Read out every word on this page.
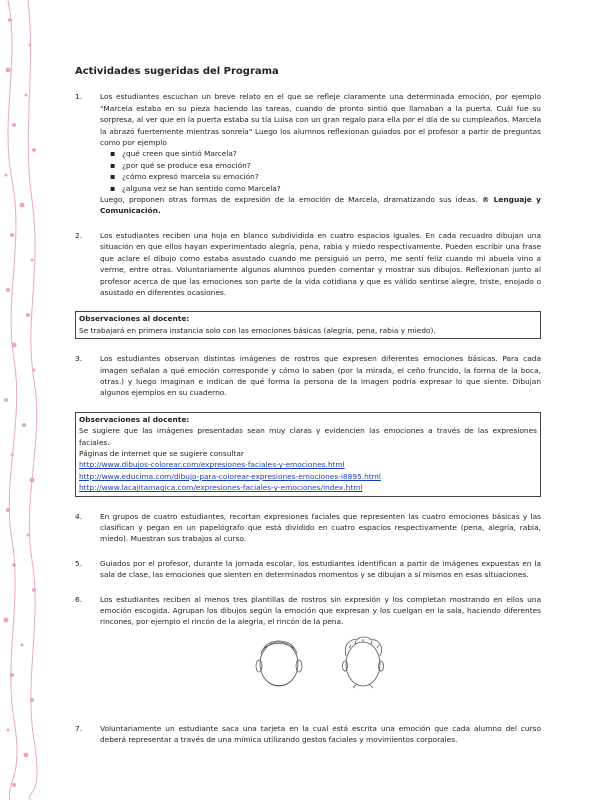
Actividades sugeridas del Programa
1.	Los estudiantes escuchan un breve relato en el que se refleje claramente una determinada emoción, por ejemplo "Marcela estaba en su pieza haciendo las tareas, cuando de pronto sintió que llamaban a la puerta. Cuál fue su sorpresa, al ver que en la puerta estaba su tía Luisa con un gran regalo para ella por el día de su cumpleaños. Marcela la abrazó fuertemente mientras sonreía" Luego los alumnos reflexionan guiados por el profesor a partir de preguntas como por ejemplo

▪ ¿qué creen que sintió Marcela?
▪ ¿por qué se produce esa emoción?
▪ ¿cómo expresó marcela su emoción?
▪ ¿alguna vez se han sentido como Marcela?

Luego, proponen otras formas de expresión de la emoción de Marcela, dramatizando sus ideas. ® Lenguaje y Comunicación.

2.	Los estudiantes reciben una hoja en blanco subdividida en cuatro espacios iguales. En cada recuadro dibujan una situación en que ellos hayan experimentado alegría, pena, rabia y miedo respectivamente. Pueden escribir una frase que aclare el dibujo como estaba asustado cuando me persiguió un perro, me sentí feliz cuando mi abuela vino a verme, entre otras. Voluntariamente algunos alumnos pueden comentar y mostrar sus dibujos. Reflexionan junto al profesor acerca de que las emociones son parte de la vida cotidiana y que es válido sentirse alegre, triste, enojado o asustado en diferentes ocasiones.

Observaciones al docente:
Se trabajará en primera instancia solo con las emociones básicas (alegría, pena, rabia y miedo).
3.	Los estudiantes observan distintas imágenes de rostros que expresen diferentes emociones básicas. Para cada imagen señalan a qué emoción corresponde y cómo lo saben (por la mirada, el ceño fruncido, la forma de la boca, otras.) y luego imaginan e indican de qué forma la persona de la imagen podría expresar lo que siente. Dibujan algunos ejemplos en su cuaderno.

Observaciones al docente:
Se sugiere que las imágenes presentadas sean muy claras y evidencien las emociones a través de las expresiones faciales.
Páginas de internet que se sugiere consultar
http://www.dibujos-colorear.com/expresiones-faciales-y-emociones.html
http://www.educima.com/dibujo-para-colorear-expresiones-emociones-i8895.html
http://www.lacajitamagica.com/expresiones-faciales-y-emociones/index.html
4.	En grupos de cuatro estudiantes, recortan expresiones faciales que representen las cuatro emociones básicas y las clasifican y pegan en un papelógrafo que está dividido en cuatro espacios respectivamente (pena, alegría, rabia, miedo). Muestran sus trabajos al curso.

5.	Guiados por el profesor, durante la jornada escolar, los estudiantes identifican a partir de imágenes expuestas en la sala de clase, las emociones que sienten en determinados momentos y se dibujan a sí mismos en esas situaciones.

6.	Los estudiantes reciben al menos tres plantillas de rostros sin expresión y los completan mostrando en ellos una emoción escogida. Agrupan los dibujos según la emoción que expresan y los cuelgan en la sala, haciendo diferentes rincones, por ejemplo el rincón de la alegría, el rincón de la pena.

7.	Voluntariamente un estudiante saca una tarjeta en la cual está escrita una emoción que cada alumno del curso deberá representar a través de una mímica utilizando gestos faciales y movimientos corporales.
